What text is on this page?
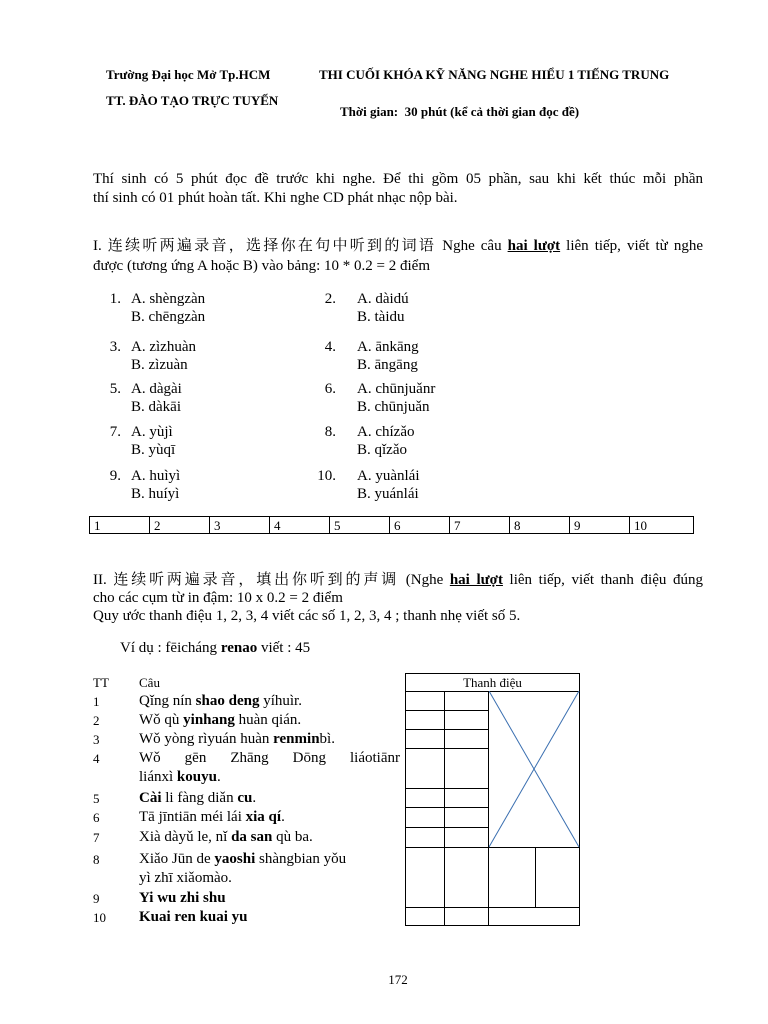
Trường Đại học Mở Tp.HCM
TT. ĐÀO TẠO TRỰC TUYẾN
THI CUỐI KHÓA KỸ NĂNG NGHE HIỂU 1 TIẾNG TRUNG
Thời gian: 30 phút (kể cả thời gian đọc đề)
Thí sinh có 5 phút đọc đề trước khi nghe. Để thi gồm 05 phần, sau khi kết thúc mỗi phần
thí sinh có 01 phút hoàn tất. Khi nghe CD phát nhạc nộp bài.
I. 连续听两遍录音，选择你在句中听到的词语 Nghe câu hai lượt liên tiếp, viết từ nghe
được (tương ứng A hoặc B) vào bảng: 10 * 0.2 = 2 điểm
1. A. shèngzàn
B. chēngzàn
2. A. dàidú
B. tàidu
3. A. zìzhuàn
B. zìzuàn
4. A. ānkāng
B. āngāng
5. A. dàgài
B. dàkāi
6. A. chūnjuǎnr
B. chūnjuǎn
7. A. yùjì
B. yùqī
8. A. chízǎo
B. qǐzǎo
9. A. huìyì
B. huíyì
10. A. yuànlái
B. yuánlái
1	2	3	4	5	6	7	8	9	10
II. 连续听两遍录音，填出你听到的声调 (Nghe hai lượt liên tiếp, viết thanh điệu đúng
cho các cụm từ in đậm: 10 x 0.2 = 2 điểm
Quy ước thanh điệu 1, 2, 3, 4 viết các số 1, 2, 3, 4 ; thanh nhẹ viết số 5.
Ví dụ : fēicháng renao viết : 45
TT Câu
1	Qǐng nín shao deng yíhuìr.
2	Wǒ qù yinhang huàn qián.
3	Wǒ yòng rìyuán huàn renminbì.
4	Wǒ gēn Zhāng Dōng liáotiānr
liánxì kouyu.
5	Cài li fàng diǎn cu.
6	Tā jīntiān méi lái xia qí.
7	Xià dàyǔ le, nǐ da san qù ba.
8	Xiǎo Jūn de yaoshi shàngbian yǒu
yì zhī xiǎomào.
9	Yi wu zhi shu
10	Kuai ren kuai yu
Thanh điệu
172
